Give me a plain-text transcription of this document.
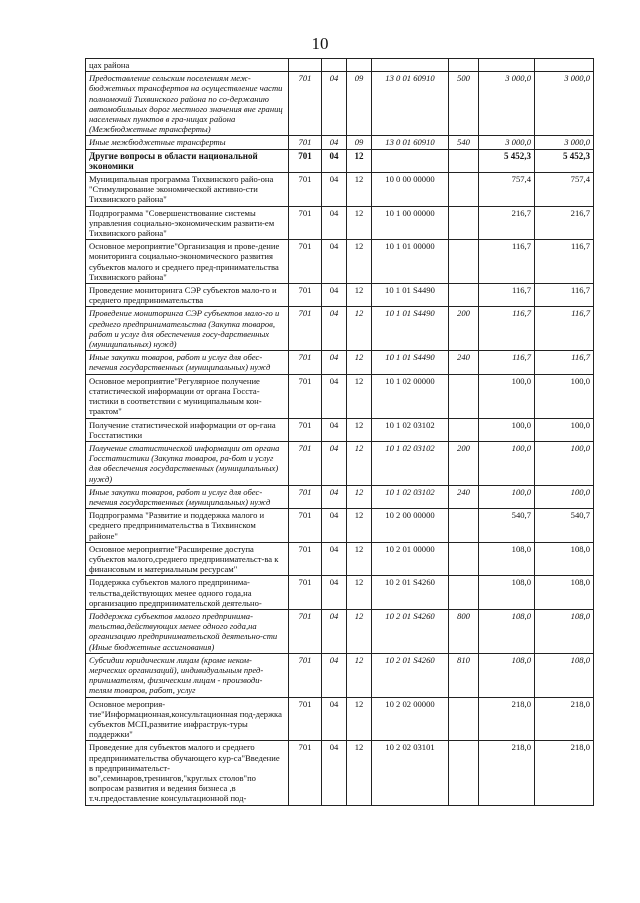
10
цах района							
Предоставление сельским поселениям меж-бюджетных трансфертов на осуществление части полномочий Тихвинского района по со-держанию автомобильных дорог местного значения вне границ населенных пунктов в гра-ницах района (Межбюджетные трансферты)	701	04	09	13 0 01 60910	500	3 000,0	3 000,0
Иные межбюджетные трансферты	701	04	09	13 0 01 60910	540	3 000,0	3 000,0
Другие вопросы в области национальной экономики	701	04	12			5 452,3	5 452,3
Муниципальная программа Тихвинского райо-она "Стимулирование экономической активно-сти Тихвинского района"	701	04	12	10 0 00 00000		757,4	757,4
Подпрограмма "Совершенствование системы управления социально-экономическим развити-ем Тихвинского района"	701	04	12	10 1 00 00000		216,7	216,7
Основное мероприятие"Организация и прове-дение мониторинга социально-экономического развития субъектов малого и среднего пред-принимательства Тихвинского района"	701	04	12	10 1 01 00000		116,7	116,7
Проведение мониторинга СЭР субъектов мало-го и среднего предпринимательства	701	04	12	10 1 01 S4490		116,7	116,7
Проведение мониторинга СЭР субъектов мало-го и среднего предпринимательства (Закупка товаров, работ и услуг для обеспечения госу-дарственных (муниципальных) нужд)	701	04	12	10 1 01 S4490	200	116,7	116,7
Иные закупки товаров, работ и услуг для обес-печения государственных (муниципальных) нужд	701	04	12	10 1 01 S4490	240	116,7	116,7
Основное мероприятие"Регулярное получение статистической информации от органа Госста-тистики в соответствии с муниципальным кон-трактом"	701	04	12	10 1 02 00000		100,0	100,0
Получение статистической информации от ор-гана Госстатистики	701	04	12	10 1 02 03102		100,0	100,0
Получение статистической информации от органа Госстатистики (Закупка товаров, ра-бот и услуг для обеспечения государственных (муниципальных) нужд)	701	04	12	10 1 02 03102	200	100,0	100,0
Иные закупки товаров, работ и услуг для обес-печения государственных (муниципальных) нужд	701	04	12	10 1 02 03102	240	100,0	100,0
Подпрограмма "Развитие и поддержка малого и среднего предпринимательства в Тихвинском районе"	701	04	12	10 2 00 00000		540,7	540,7
Основное мероприятие"Расширение доступа субъектов малого,среднего предпринимательст-ва к финансовым и материальным ресурсам"	701	04	12	10 2 01 00000		108,0	108,0
Поддержка субъектов малого предпринима-тельства,действующих менее одного года,на организацию предпринимательской деятельно-	701	04	12	10 2 01 S4260		108,0	108,0
Поддержка субъектов малого предпринима-тельства,действующих менее одного года,на организацию предпринимательской деятельно-сти (Иные бюджетные ассигнования)	701	04	12	10 2 01 S4260	800	108,0	108,0
Субсидии юридическим лицам (кроме неком-мерческих организаций), индивидуальным пред-принимателям, физическим лицам - производи-телям товаров, работ, услуг	701	04	12	10 2 01 S4260	810	108,0	108,0
Основное мероприя-тие"Информационная,консультационная под-держка субъектов МСП,развитие инфраструк-туры поддержки"	701	04	12	10 2 02 00000		218,0	218,0
Проведение для субъектов малого и среднего предпринимательства обучающего кур-са"Введение в предпринимательст-во",семинаров,тренингов,"круглых столов"по вопросам развития и ведения бизнеса ,в т.ч.предоставление консультационной под-	701	04	12	10 2 02 03101		218,0	218,0
